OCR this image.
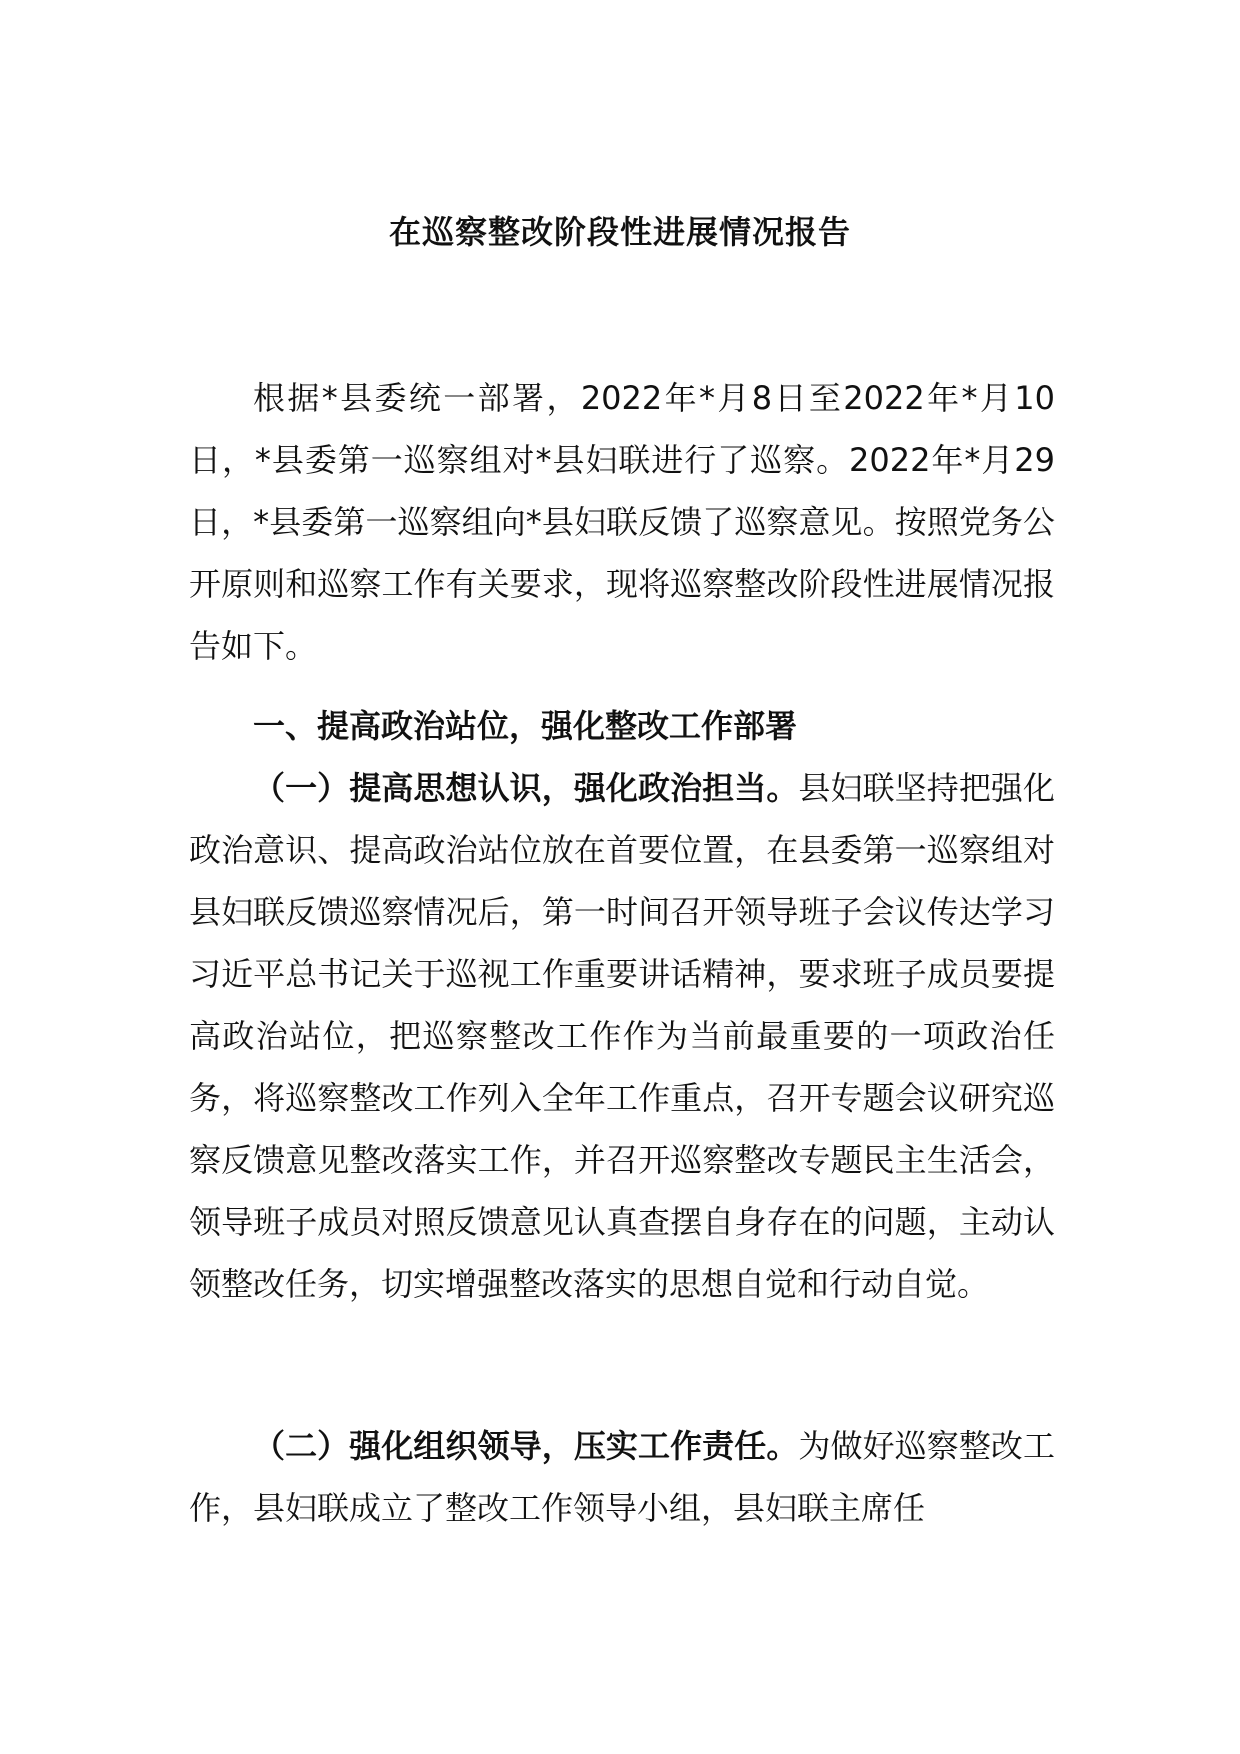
在巡察整改阶段性进展情况报告

根据*县委统一部署，2022年*月8日至2022年*月10日，*县委第一巡察组对*县妇联进行了巡察。2022年*月29日，*县委第一巡察组向*县妇联反馈了巡察意见。按照党务公开原则和巡察工作有关要求，现将巡察整改阶段性进展情况报告如下。

一、提高政治站位，强化整改工作部署

（一）提高思想认识，强化政治担当。县妇联坚持把强化政治意识、提高政治站位放在首要位置，在县委第一巡察组对县妇联反馈巡察情况后，第一时间召开领导班子会议传达学习习近平总书记关于巡视工作重要讲话精神，要求班子成员要提高政治站位，把巡察整改工作作为当前最重要的一项政治任务，将巡察整改工作列入全年工作重点，召开专题会议研究巡察反馈意见整改落实工作，并召开巡察整改专题民主生活会，领导班子成员对照反馈意见认真查摆自身存在的问题，主动认领整改任务，切实增强整改落实的思想自觉和行动自觉。

（二）强化组织领导，压实工作责任。为做好巡察整改工作，县妇联成立了整改工作领导小组，县妇联主席任
